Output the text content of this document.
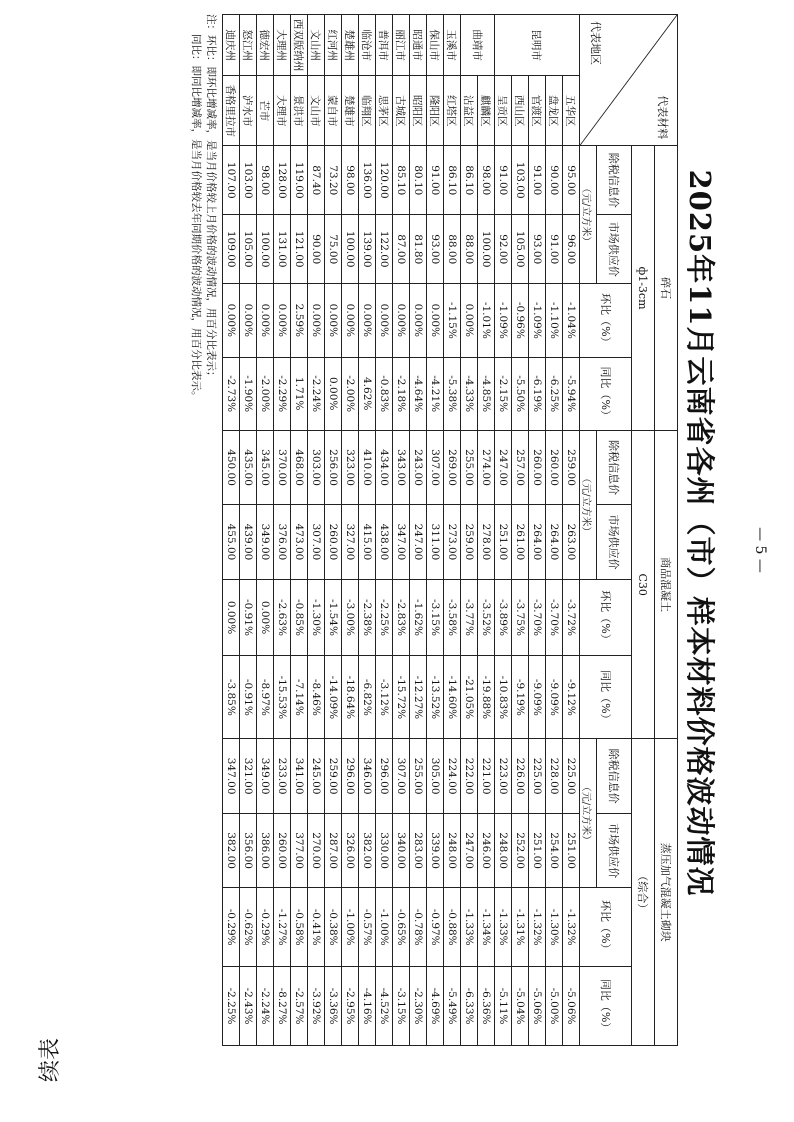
续表
2025年11月云南省各州（市）样本材料价格波动情况
代表材料
代表地区		碎石				商品混凝土				蒸压加气混凝土砌块			
		ф1-3cm				C30				（综合）			
		除税信息价	市场供应价	环比（%）	同比（%）	除税信息价	市场供应价	环比（%）	同比（%）	除税信息价	市场供应价	环比（%）	同比（%）
		（元/立方米）				（元/立方米）				（元/立方米）			
昆明市	五华区	95.00	96.00	-1.04%	-5.94%	259.00	263.00	-3.72%	-9.12%	225.00	251.00	-1.32%	-5.06%
	盘龙区	90.00	91.00	-1.10%	-6.25%	260.00	264.00	-3.70%	-9.09%	228.00	254.00	-1.30%	-5.00%
	官渡区	91.00	93.00	-1.09%	-6.19%	260.00	264.00	-3.70%	-9.09%	225.00	251.00	-1.32%	-5.06%
	西山区	103.00	105.00	-0.96%	-5.50%	257.00	261.00	-3.75%	-9.19%	226.00	252.00	-1.31%	-5.04%
	呈贡区	91.00	92.00	-1.09%	-2.15%	247.00	251.00	-3.89%	-10.83%	223.00	248.00	-1.33%	-5.11%
曲靖市	麒麟区	98.00	100.00	-1.01%	-4.85%	274.00	278.00	-3.52%	-19.88%	221.00	246.00	-1.34%	-6.36%
	沾益区	86.10	88.00	0.00%	-4.33%	255.00	259.00	-3.77%	-21.05%	222.00	247.00	-1.33%	-6.33%
玉溪市	红塔区	86.10	88.00	-1.15%	-5.38%	269.00	273.00	-3.58%	-14.60%	224.00	248.00	-0.88%	-5.49%
保山市	隆阳区	91.00	93.00	0.00%	-4.21%	307.00	311.00	-3.15%	-13.52%	305.00	339.00	-0.97%	-4.69%
昭通市	昭阳区	80.10	81.80	0.00%	-4.64%	243.00	247.00	-1.62%	-12.27%	255.00	283.00	-0.78%	-2.30%
丽江市	古城区	85.10	87.00	0.00%	-2.18%	343.00	347.00	-2.83%	-15.72%	307.00	340.00	-0.65%	-3.15%
普洱市	思茅区	120.00	122.00	0.00%	-0.83%	434.00	438.00	-2.25%	-3.12%	296.00	330.00	-1.00%	-4.52%
临沧市	临翔区	136.00	139.00	0.00%	4.62%	410.00	415.00	-2.38%	-6.82%	346.00	382.00	-0.57%	-4.16%
楚雄州	楚雄市	98.00	100.00	0.00%	-2.00%	323.00	327.00	-3.00%	-18.64%	296.00	326.00	-1.00%	-2.95%
红河州	蒙自市	73.20	75.00	0.00%	0.00%	256.00	260.00	-1.54%	-14.09%	259.00	287.00	-0.38%	-3.36%
文山州	文山市	87.40	90.00	0.00%	-2.24%	303.00	307.00	-1.30%	-8.46%	245.00	270.00	-0.41%	-3.92%
西双版纳州	景洪市	119.00	121.00	2.59%	1.71%	468.00	473.00	-0.85%	-7.14%	341.00	377.00	-0.58%	-2.57%
大理州	大理市	128.00	131.00	0.00%	-2.29%	370.00	376.00	-2.63%	-15.53%	233.00	260.00	-1.27%	-8.27%
德宏州	芒市	98.00	100.00	0.00%	-2.00%	345.00	349.00	0.00%	-8.97%	349.00	386.00	-0.29%	-2.24%
怒江州	泸水市	103.00	105.00	0.00%	-1.90%	435.00	439.00	-0.91%	-0.91%	321.00	356.00	-0.62%	-2.43%
迪庆州	香格里拉市	107.00	109.00	0.00%	-2.73%	450.00	455.00	0.00%	-3.85%	347.00	382.00	-0.29%	-2.25%
注：环比：即环比增减率，是当月价格较上月价格的波动情况，用百分比表示；
同比：即同比增减率，是当月价格较去年同期价格的波动情况，用百分比表示。
— 5 —
